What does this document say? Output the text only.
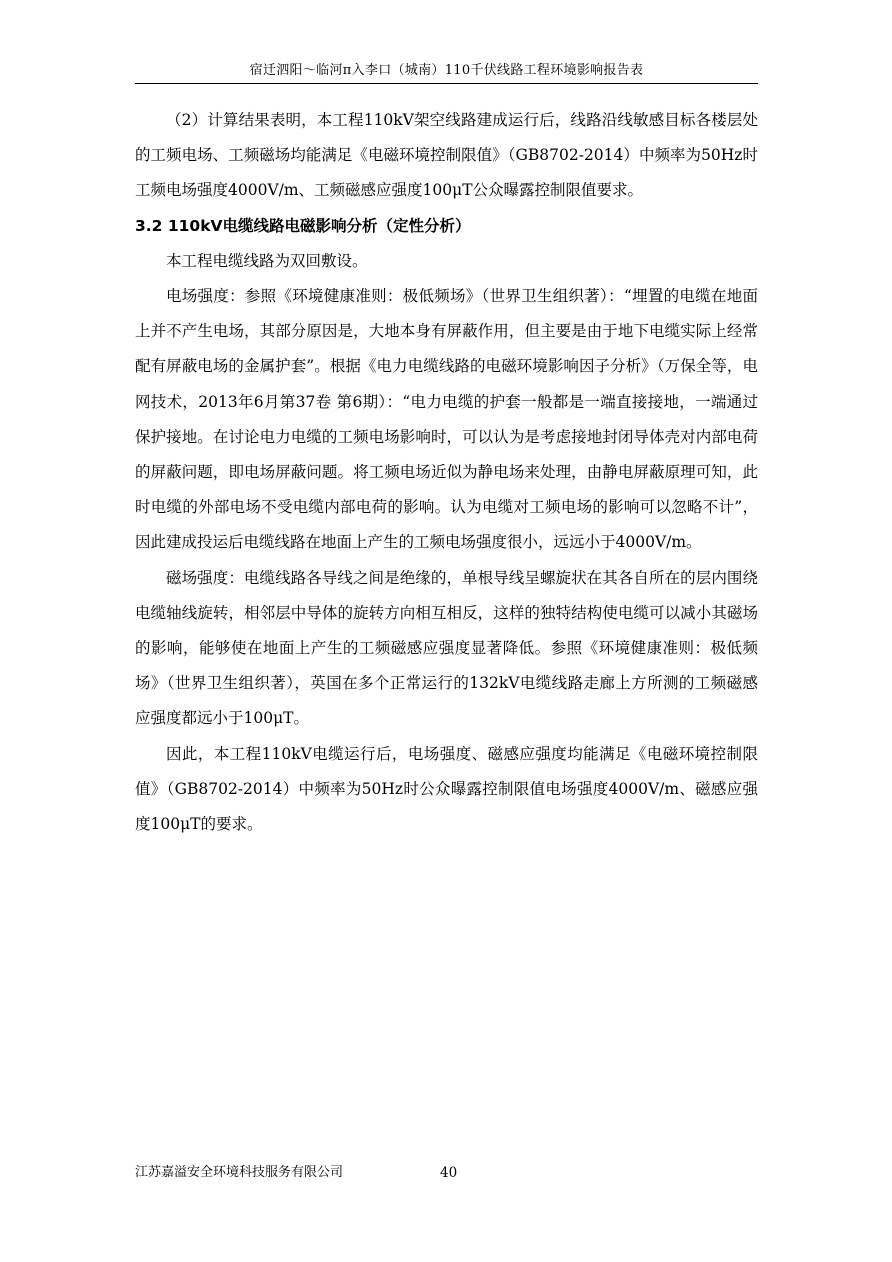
宿迁泗阳～临河π入李口（城南）110千伏线路工程环境影响报告表

（2）计算结果表明，本工程110kV架空线路建成运行后，线路沿线敏感目标各楼层处的工频电场、工频磁场均能满足《电磁环境控制限值》（GB8702-2014）中频率为50Hz时工频电场强度4000V/m、工频磁感应强度100μT公众曝露控制限值要求。

3.2 110kV电缆线路电磁影响分析（定性分析）

本工程电缆线路为双回敷设。

电场强度：参照《环境健康准则：极低频场》（世界卫生组织著）：“埋置的电缆在地面上并不产生电场，其部分原因是，大地本身有屏蔽作用，但主要是由于地下电缆实际上经常配有屏蔽电场的金属护套”。根据《电力电缆线路的电磁环境影响因子分析》（万保全等，电网技术，2013年6月第37卷 第6期）：“电力电缆的护套一般都是一端直接接地，一端通过保护接地。在讨论电力电缆的工频电场影响时，可以认为是考虑接地封闭导体壳对内部电荷的屏蔽问题，即电场屏蔽问题。将工频电场近似为静电场来处理，由静电屏蔽原理可知，此时电缆的外部电场不受电缆内部电荷的影响。认为电缆对工频电场的影响可以忽略不计”，因此建成投运后电缆线路在地面上产生的工频电场强度很小，远远小于4000V/m。

磁场强度：电缆线路各导线之间是绝缘的，单根导线呈螺旋状在其各自所在的层内围绕电缆轴线旋转，相邻层中导体的旋转方向相互相反，这样的独特结构使电缆可以减小其磁场的影响，能够使在地面上产生的工频磁感应强度显著降低。参照《环境健康准则：极低频场》（世界卫生组织著），英国在多个正常运行的132kV电缆线路走廊上方所测的工频磁感应强度都远小于100μT。

因此，本工程110kV电缆运行后，电场强度、磁感应强度均能满足《电磁环境控制限值》（GB8702-2014）中频率为50Hz时公众曝露控制限值电场强度4000V/m、磁感应强度100μT的要求。

江苏嘉溢安全环境科技服务有限公司	40
